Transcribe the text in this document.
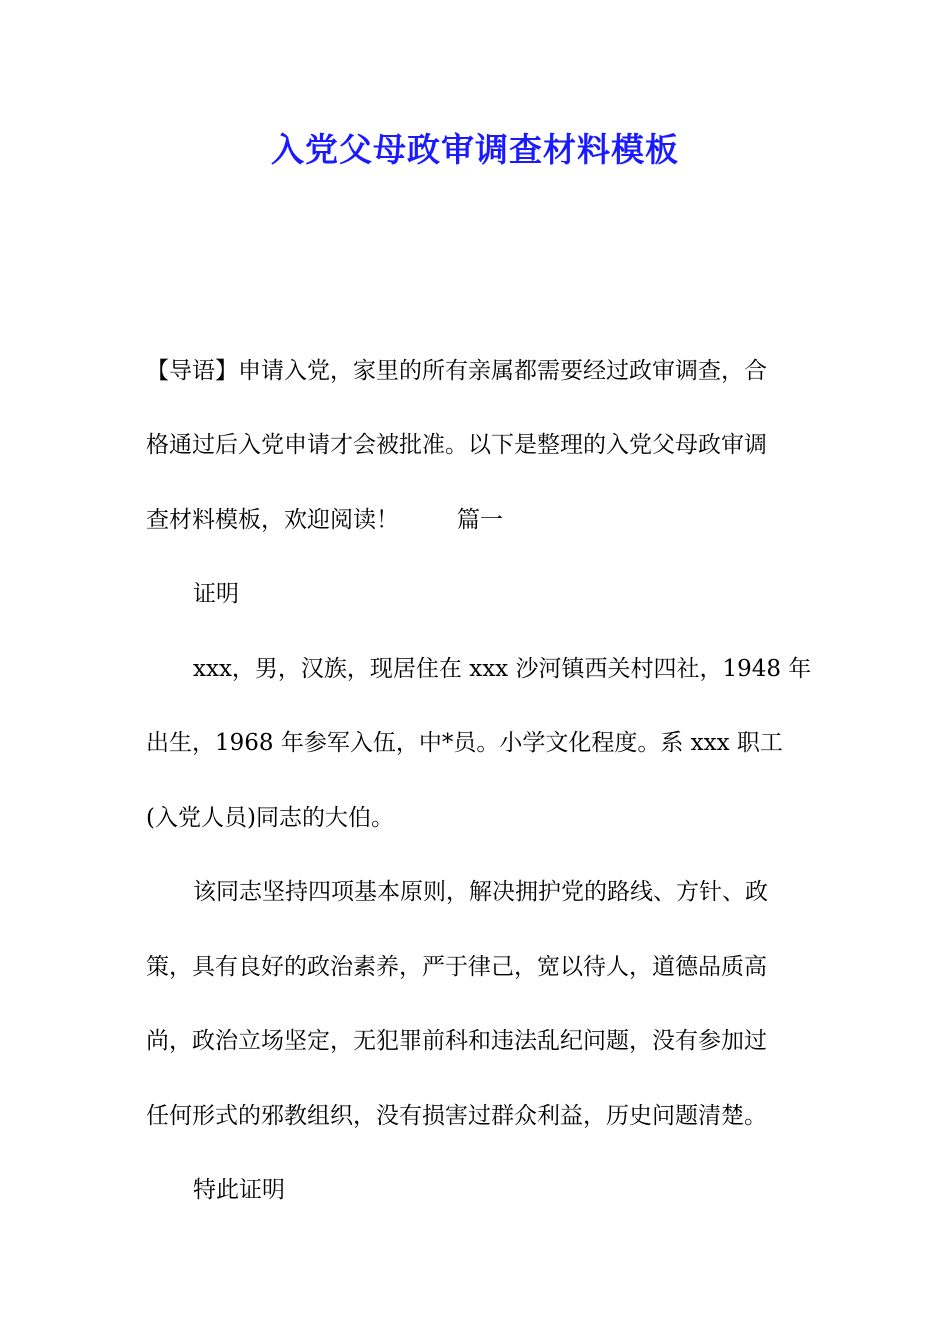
入党父母政审调查材料模板
【导语】申请入党，家里的所有亲属都需要经过政审调查，合
格通过后入党申请才会被批准。以下是整理的入党父母政审调
查材料模板，欢迎阅读！	篇一
证明
xxx，男，汉族，现居住在 xxx 沙河镇西关村四社，1948 年
出生，1968 年参军入伍，中*员。小学文化程度。系 xxx 职工
(入党人员)同志的大伯。
该同志坚持四项基本原则，解决拥护党的路线、方针、政
策，具有良好的政治素养，严于律己，宽以待人，道德品质高
尚，政治立场坚定，无犯罪前科和违法乱纪问题，没有参加过
任何形式的邪教组织，没有损害过群众利益，历史问题清楚。
特此证明
